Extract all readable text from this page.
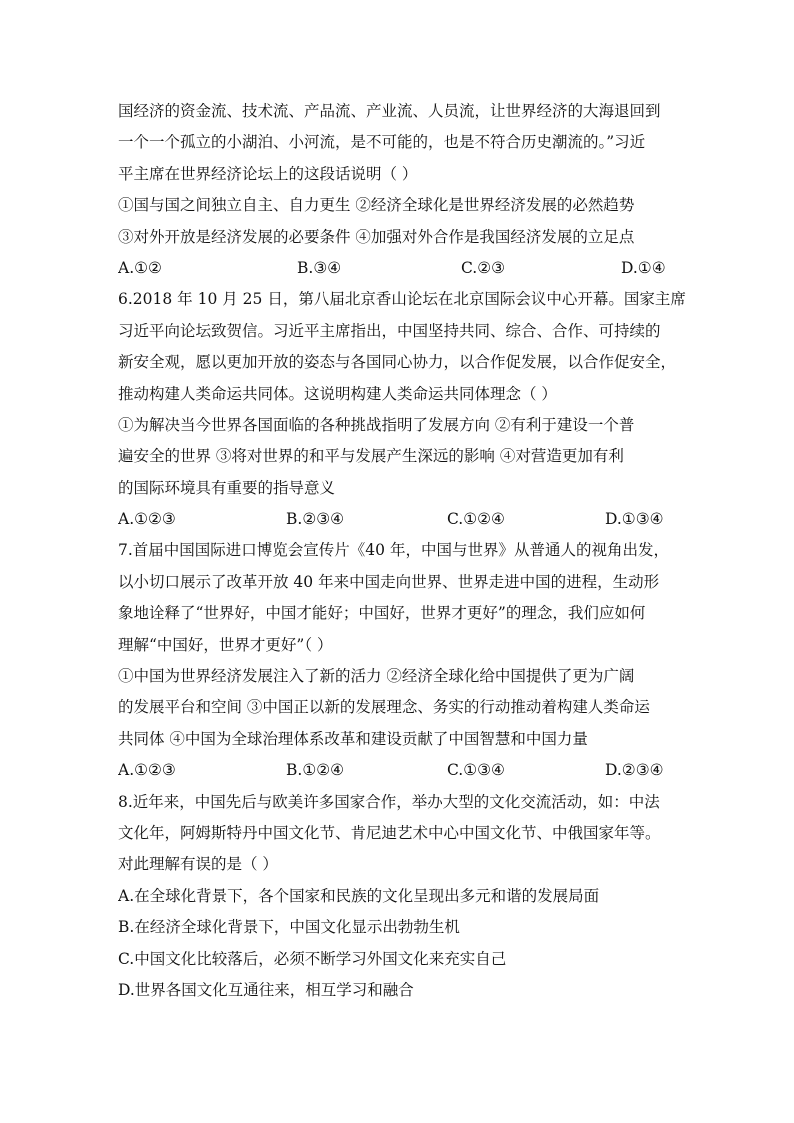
国经济的资金流、技术流、产品流、产业流、人员流，让世界经济的大海退回到
一个一个孤立的小湖泊、小河流，是不可能的，也是不符合历史潮流的。”习近
平主席在世界经济论坛上的这段话说明（ ）
①国与国之间独立自主、自力更生 ②经济全球化是世界经济发展的必然趋势
③对外开放是经济发展的必要条件 ④加强对外合作是我国经济发展的立足点
A.①②	B.③④	C.②③	D.①④
6.2018 年 10 月 25 日，第八届北京香山论坛在北京国际会议中心开幕。国家主席
习近平向论坛致贺信。习近平主席指出，中国坚持共同、综合、合作、可持续的
新安全观，愿以更加开放的姿态与各国同心协力，以合作促发展，以合作促安全，
推动构建人类命运共同体。这说明构建人类命运共同体理念（ ）
①为解决当今世界各国面临的各种挑战指明了发展方向 ②有利于建设一个普
遍安全的世界 ③将对世界的和平与发展产生深远的影响 ④对营造更加有利
的国际环境具有重要的指导意义
A.①②③	B.②③④	C.①②④	D.①③④
7.首届中国国际进口博览会宣传片《40 年，中国与世界》从普通人的视角出发，
以小切口展示了改革开放 40 年来中国走向世界、世界走进中国的进程，生动形
象地诠释了“世界好，中国才能好；中国好，世界才更好”的理念，我们应如何
理解“中国好，世界才更好”（ ）
①中国为世界经济发展注入了新的活力 ②经济全球化给中国提供了更为广阔
的发展平台和空间 ③中国正以新的发展理念、务实的行动推动着构建人类命运
共同体 ④中国为全球治理体系改革和建设贡献了中国智慧和中国力量
A.①②③	B.①②④	C.①③④	D.②③④
8.近年来，中国先后与欧美许多国家合作，举办大型的文化交流活动，如：中法
文化年，阿姆斯特丹中国文化节、肯尼迪艺术中心中国文化节、中俄国家年等。
对此理解有误的是（ ）
A.在全球化背景下，各个国家和民族的文化呈现出多元和谐的发展局面
B.在经济全球化背景下，中国文化显示出勃勃生机
C.中国文化比较落后，必须不断学习外国文化来充实自己
D.世界各国文化互通往来，相互学习和融合
